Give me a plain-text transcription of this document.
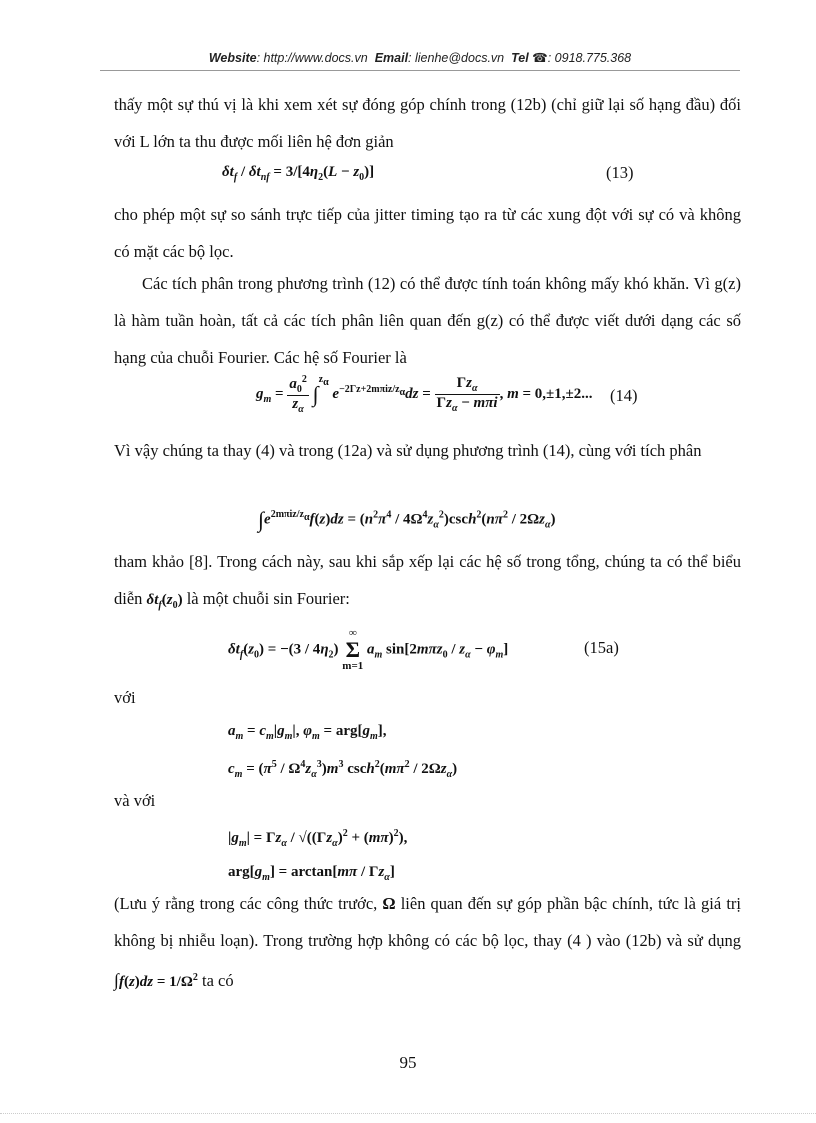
Website: http://www.docs.vn Email: lienhe@docs.vn Tel ☎: 0918.775.368

thấy một sự thú vị là khi xem xét sự đóng góp chính trong (12b) (chỉ giữ lại số hạng đầu) đối với L lớn ta thu được mối liên hệ đơn giản

$\delta t_f / \delta t_{nf} = 3/[4\eta_2(L - z_0)]$	(13)

cho phép một sự so sánh trực tiếp của jitter timing tạo ra từ các xung đột với sự có và không có mặt các bộ lọc.

Các tích phân trong phương trình (12) có thể được tính toán không mấy khó khăn. Vì g(z) là hàm tuần hoàn, tất cả các tích phân liên quan đến g(z) có thể được viết dưới dạng các số hạng của chuỗi Fourier. Các hệ số Fourier là

$g_m = \frac{a_0^2}{z_\alpha} \int^{z_\alpha}$ $e^{-2\Gamma z+2m\pi iz/z_\alpha}dz = \frac{\Gamma z_\alpha}{\Gamma z_\alpha - m\pi i}$ , m = 0,±1,±2... (14)

Vì vậy chúng ta thay (4) và trong (12a) và sử dụng phương trình (14), cùng với tích phân

$\int e^{2m\pi iz/z_\alpha}f(z)dz = (n^2\pi^4 / 4\Omega^4z_\alpha^2)\csc h^2(n\pi^2 / 2\Omega z_\alpha)$

tham khảo [8]. Trong cách này, sau khi sắp xếp lại các hệ số trong tổng, chúng ta có thể biểu diễn $\delta t_f(z_0)$ là một chuỗi sin Fourier:

$\delta t_f(z_0) = -(3 / 4\eta_2)$ ∞
Σ
m=1 $a_m$ $\sin[2m\pi z_0 / z_\alpha - \varphi_m]$	(15a)

với

$a_m = c_m|g_m|$, $\varphi_m = arg[g_m]$,
$c_m = (\pi^5 / \Omega^4z_\alpha^3)m^3$ $\csc h^2(m\pi^2 / 2\Omega z_\alpha)$

và với

$|g_m| = \Gamma z_\alpha / √((\Gamma z_\alpha)^2 + (m\pi)^2)$,
$arg[g_m] = \arctan[m\pi / \Gamma z_\alpha]$

(Lưu ý rằng trong các công thức trước, Ω liên quan đến sự góp phần bậc chính, tức là giá trị không bị nhiễu loạn). Trong trường hợp không có các bộ lọc, thay (4 ) vào (12b) và sử dụng $\int f(z)dz = 1/\Omega^2$ ta có

95
